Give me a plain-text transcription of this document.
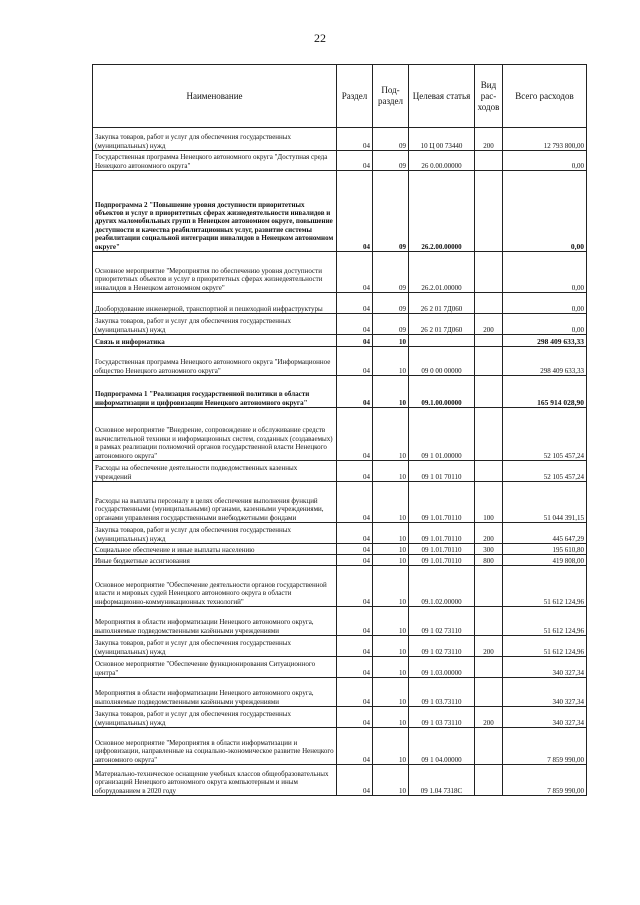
22
Наименование	Раздел	Под-раздел	Целевая статья	Вид рас-ходов	Всего расходов
Закупка товаров, работ и услуг для обеспечения государственных (муниципальных) нужд	04	09	10 Ц 00 73440	200	12 793 800,00
Государственная программа Ненецкого автономного округа "Доступная среда Ненецкого автономного округа"	04	09	26 0.00.00000		0,00
Подпрограмма 2 "Повышение уровня доступности приоритетных объектов и услуг в приоритетных сферах жизнедеятельности инвалидов и других маломобильных групп в Ненецком автономном округе, повышение доступности и качества реабилитационных услуг, развитие системы реабилитации социальной интеграции инвалидов в Ненецком автономном округе"	04	09	26.2.00.00000		0,00
Основное мероприятие "Мероприятия по обеспечению уровня доступности приоритетных объектов и услуг в приоритетных сферах жизнедеятельности инвалидов в Ненецком автономном округе"	04	09	26.2.01.00000		0,00
Дооборудование инженерной, транспортной и пешеходной инфраструктуры	04	09	26 2 01 7Д060		0,00
Закупка товаров, работ и услуг для обеспечения государственных (муниципальных) нужд	04	09	26 2 01 7Д060	200	0,00
Связь и информатика	04	10			298 409 633,33
Государственная программа Ненецкого автономного округа "Информационное общество Ненецкого автономного округа"	04	10	09 0 00 00000		298 409 633,33
Подпрограмма 1 "Реализация государственной политики в области информатизации и цифровизации Ненецкого автономного округа"	04	10	09.1.00.00000		165 914 028,90
Основное мероприятие "Внедрение, сопровождение и обслуживание средств вычислительной техники и информационных систем, созданных (создаваемых) в рамках реализации полномочий органов государственной власти Ненецкого автономного округа"	04	10	09 1 01.00000		52 105 457,24
Расходы на обеспечение деятельности подведомственных казенных учреждений	04	10	09 1 01 70110		52 105 457,24
Расходы на выплаты персоналу в целях обеспечения выполнения функций государственными (муниципальными) органами, казенными учреждениями, органами управления государственными внебюджетными фондами	04	10	09 1.01.70110	100	51 044 391,15
Закупка товаров, работ и услуг для обеспечения государственных (муниципальных) нужд	04	10	09 1.01.70110	200	445 647,29
Социальное обеспечение и иные выплаты населению	04	10	09 1.01.70110	300	195 610,80
Иные бюджетные ассигнования	04	10	09 1.01.70110	800	419 808,00
Основное мероприятие "Обеспечение деятельности органов государственной власти и мировых судей Ненецкого автономного округа в области информационно-коммуникационных технологий"	04	10	09.1.02.00000		51 612 124,96
Мероприятия в области информатизации Ненецкого автономного округа, выполняемые подведомственными казёнными учреждениями	04	10	09 1 02 73110		51 612 124,96
Закупка товаров, работ и услуг для обеспечения государственных (муниципальных) нужд	04	10	09 1 02 73110	200	51 612 124,96
Основное мероприятие "Обеспечение функционирования Ситуационного центра"	04	10	09 1.03.00000		340 327,34
Мероприятия в области информатизации Ненецкого автономного округа, выполняемые подведомственными казёнными учреждениями	04	10	09 1 03.73110		340 327,34
Закупка товаров, работ и услуг для обеспечения государственных (муниципальных) нужд	04	10	09 1 03 73110	200	340 327,34
Основное мероприятие "Мероприятия в области информатизации и цифровизации, направленные на социально-экономическое развитие Ненецкого автономного округа"	04	10	09 1 04.00000		7 859 990,00
Материально-техническое оснащение учебных классов общеобразовательных организаций Ненецкого автономного округа компьютерным и иным оборудованием в 2020 году	04	10	09 1.04 7318С		7 859 990,00
